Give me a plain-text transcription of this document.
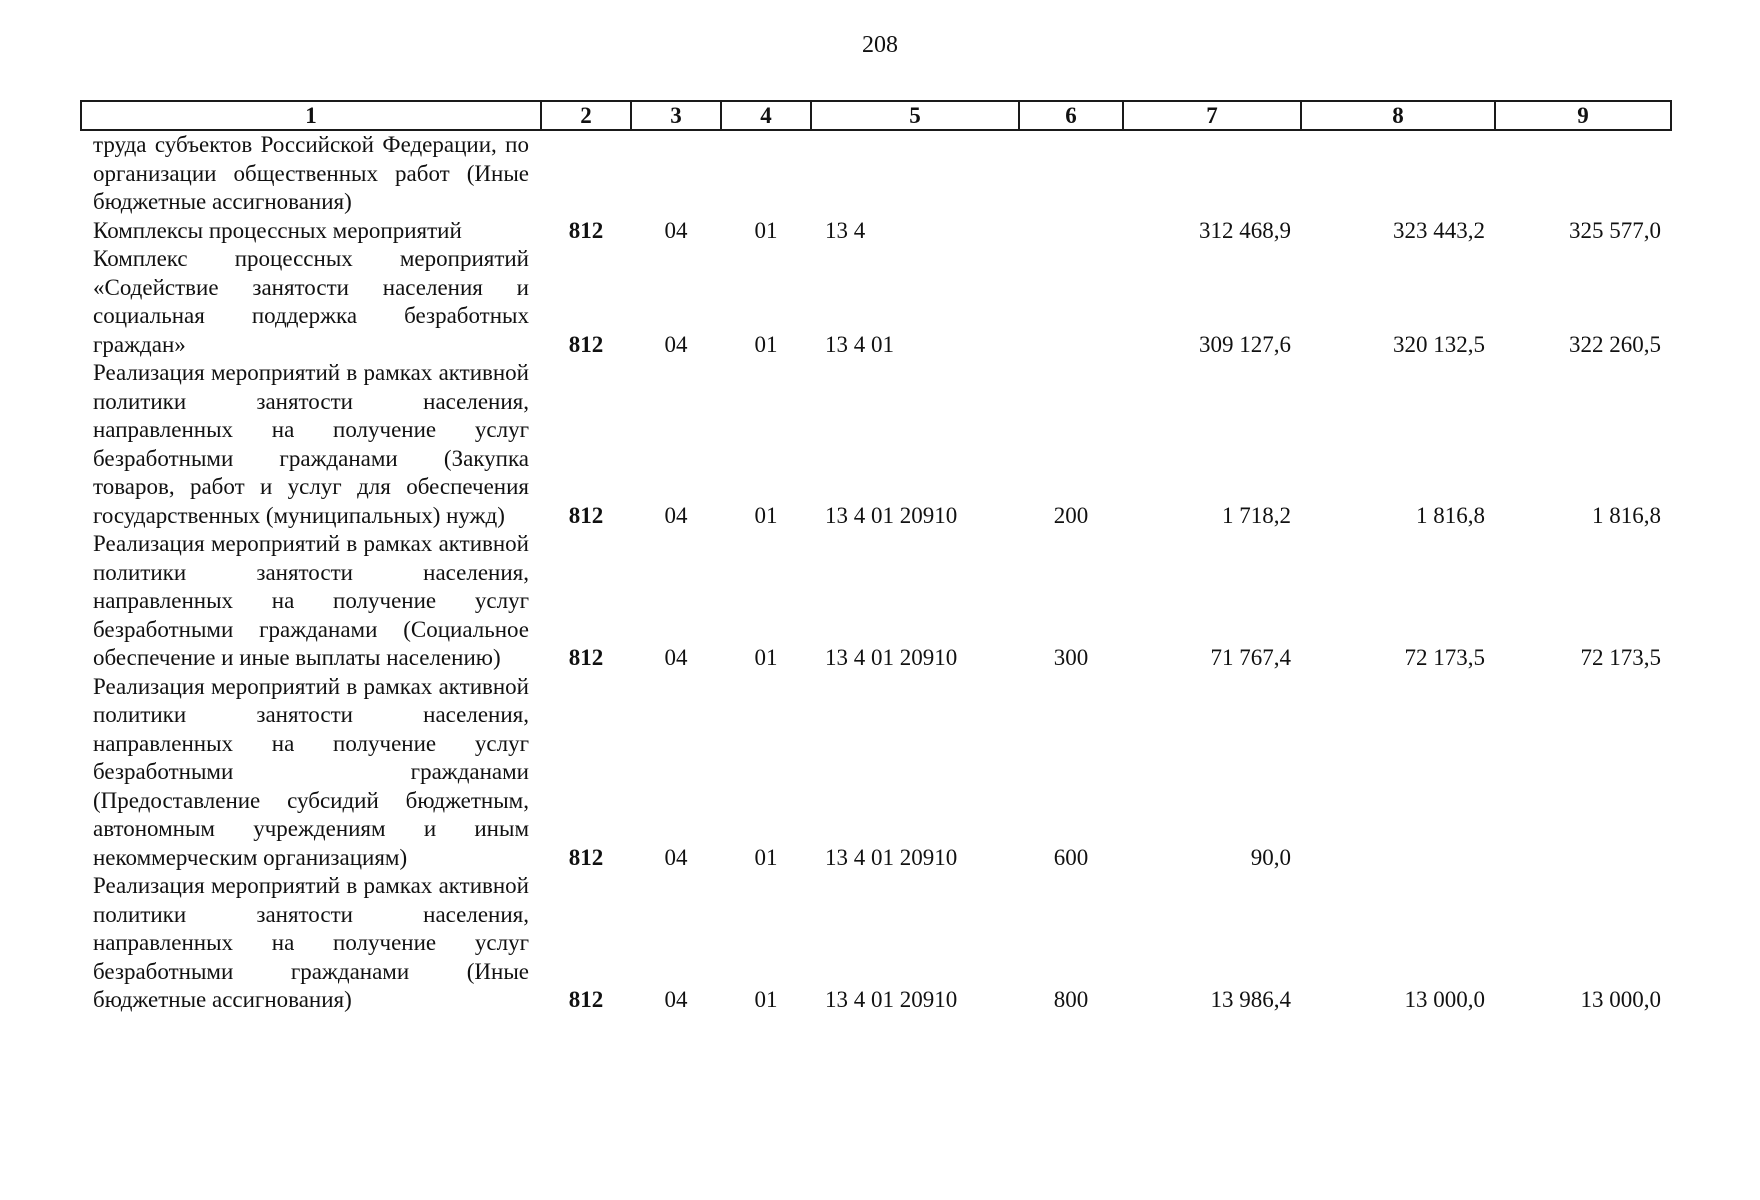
208
1	2	3	4	5	6	7	8	9
труда субъектов Российской Федерации, по организации общественных работ (Иные бюджетные ассигнования)								
Комплексы процессных мероприятий	812	04	01	13 4		312 468,9	323 443,2	325 577,0
Комплекс процессных мероприятий «Содействие занятости населения и социальная поддержка безработных граждан»	812	04	01	13 4 01		309 127,6	320 132,5	322 260,5
Реализация мероприятий в рамках активной политики занятости населения, направленных на получение услуг безработными гражданами (Закупка товаров, работ и услуг для обеспечения государственных (муниципальных) нужд)	812	04	01	13 4 01 20910	200	1 718,2	1 816,8	1 816,8
Реализация мероприятий в рамках активной политики занятости населения, направленных на получение услуг безработными гражданами (Социальное обеспечение и иные выплаты населению)	812	04	01	13 4 01 20910	300	71 767,4	72 173,5	72 173,5
Реализация мероприятий в рамках активной политики занятости населения, направленных на получение услуг безработными гражданами (Предоставление субсидий бюджетным, автономным учреждениям и иным некоммерческим организациям)	812	04	01	13 4 01 20910	600	90,0		
Реализация мероприятий в рамках активной политики занятости населения, направленных на получение услуг безработными гражданами (Иные бюджетные ассигнования)	812	04	01	13 4 01 20910	800	13 986,4	13 000,0	13 000,0
